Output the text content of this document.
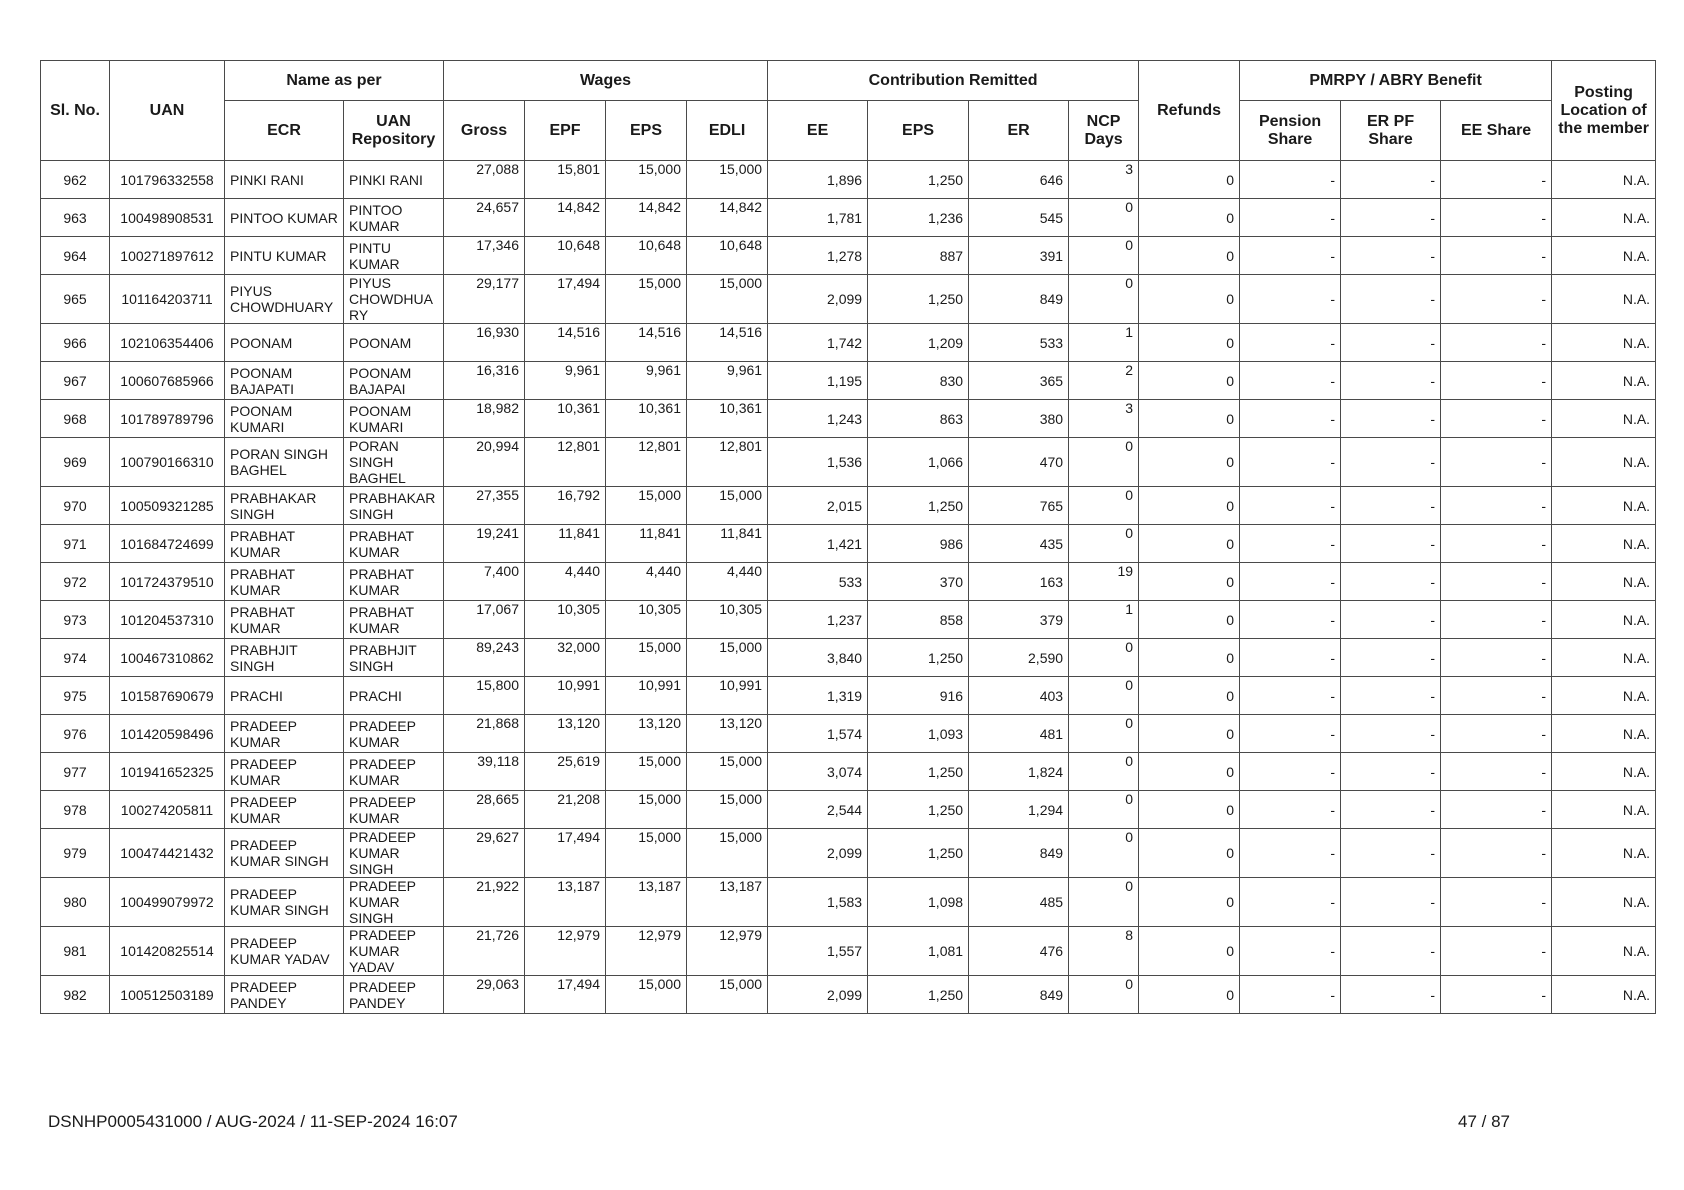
Sl. No.	UAN	Name as per		Wages				Contribution Remitted				Refunds	PMRPY / ABRY Benefit			Posting Location of the member
		ECR	UAN Repository	Gross	EPF	EPS	EDLI	EE	EPS	ER	NCP Days		Pension Share	ER PF Share	EE Share	
962	101796332558	PINKI RANI	PINKI RANI	27,088	15,801	15,000	15,000	1,896	1,250	646	3	0	-	-	-	N.A.
963	100498908531	PINTOO KUMAR	PINTOO KUMAR	24,657	14,842	14,842	14,842	1,781	1,236	545	0	0	-	-	-	N.A.
964	100271897612	PINTU KUMAR	PINTU KUMAR	17,346	10,648	10,648	10,648	1,278	887	391	0	0	-	-	-	N.A.
965	101164203711	PIYUS CHOWDHUARY	PIYUS CHOWDHUA RY	29,177	17,494	15,000	15,000	2,099	1,250	849	0	0	-	-	-	N.A.
966	102106354406	POONAM	POONAM	16,930	14,516	14,516	14,516	1,742	1,209	533	1	0	-	-	-	N.A.
967	100607685966	POONAM BAJAPATI	POONAM BAJAPAI	16,316	9,961	9,961	9,961	1,195	830	365	2	0	-	-	-	N.A.
968	101789789796	POONAM KUMARI	POONAM KUMARI	18,982	10,361	10,361	10,361	1,243	863	380	3	0	-	-	-	N.A.
969	100790166310	PORAN SINGH BAGHEL	PORAN SINGH BAGHEL	20,994	12,801	12,801	12,801	1,536	1,066	470	0	0	-	-	-	N.A.
970	100509321285	PRABHAKAR SINGH	PRABHAKAR SINGH	27,355	16,792	15,000	15,000	2,015	1,250	765	0	0	-	-	-	N.A.
971	101684724699	PRABHAT KUMAR	PRABHAT KUMAR	19,241	11,841	11,841	11,841	1,421	986	435	0	0	-	-	-	N.A.
972	101724379510	PRABHAT KUMAR	PRABHAT KUMAR	7,400	4,440	4,440	4,440	533	370	163	19	0	-	-	-	N.A.
973	101204537310	PRABHAT KUMAR	PRABHAT KUMAR	17,067	10,305	10,305	10,305	1,237	858	379	1	0	-	-	-	N.A.
974	100467310862	PRABHJIT SINGH	PRABHJIT SINGH	89,243	32,000	15,000	15,000	3,840	1,250	2,590	0	0	-	-	-	N.A.
975	101587690679	PRACHI	PRACHI	15,800	10,991	10,991	10,991	1,319	916	403	0	0	-	-	-	N.A.
976	101420598496	PRADEEP KUMAR	PRADEEP KUMAR	21,868	13,120	13,120	13,120	1,574	1,093	481	0	0	-	-	-	N.A.
977	101941652325	PRADEEP KUMAR	PRADEEP KUMAR	39,118	25,619	15,000	15,000	3,074	1,250	1,824	0	0	-	-	-	N.A.
978	100274205811	PRADEEP KUMAR	PRADEEP KUMAR	28,665	21,208	15,000	15,000	2,544	1,250	1,294	0	0	-	-	-	N.A.
979	100474421432	PRADEEP KUMAR SINGH	PRADEEP KUMAR SINGH	29,627	17,494	15,000	15,000	2,099	1,250	849	0	0	-	-	-	N.A.
980	100499079972	PRADEEP KUMAR SINGH	PRADEEP KUMAR SINGH	21,922	13,187	13,187	13,187	1,583	1,098	485	0	0	-	-	-	N.A.
981	101420825514	PRADEEP KUMAR YADAV	PRADEEP KUMAR YADAV	21,726	12,979	12,979	12,979	1,557	1,081	476	8	0	-	-	-	N.A.
982	100512503189	PRADEEP PANDEY	PRADEEP PANDEY	29,063	17,494	15,000	15,000	2,099	1,250	849	0	0	-	-	-	N.A.
DSNHP0005431000 / AUG-2024 / 11-SEP-2024 16:07	47 / 87
